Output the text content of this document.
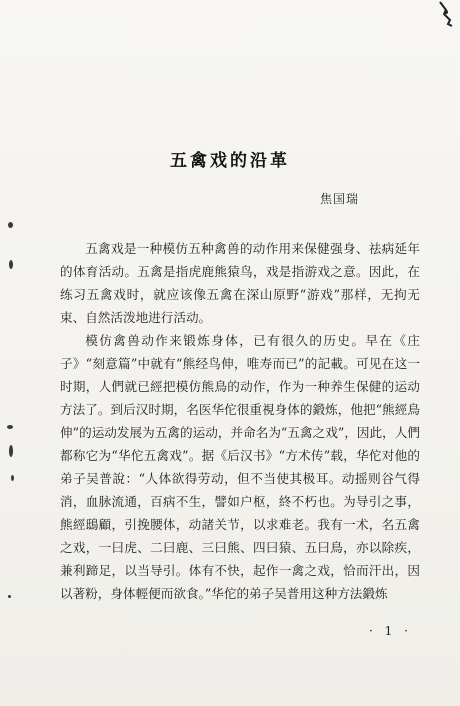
五禽戏的沿革
焦国瑞

五禽戏是一种模仿五种禽兽的动作用来保健强身、祛病延年的体育活动。五禽是指虎鹿熊猿鸟，戏是指游戏之意。因此，在练习五禽戏时，就应该像五禽在深山原野“游戏”那样，无拘无束、自然活泼地进行活动。

模仿禽兽动作来锻炼身体，已有很久的历史。早在《庄子》“刻意篇”中就有“熊经鸟伸，唯寿而已”的記載。可见在这一时期，人們就已經把模仿熊鳥的动作，作为一种养生保健的运动方法了。到后汉时期，名医华佗很重視身体的鍛炼，他把“熊經鳥伸”的运动发展为五禽的运动，并命名为“五禽之戏”，因此，人們都称它为“华佗五禽戏”。据《后汉书》“方术传”载，华佗对他的弟子吴普說：“人体欲得劳动，但不当使其极耳。动摇则谷气得消，血脉流通，百病不生，譬如户枢，終不朽也。为导引之事，熊經鴟顧，引挽腰体，动諸关节，以求难老。我有一术，名五禽之戏，一曰虎、二曰鹿、三曰熊、四曰猿、五曰鳥，亦以除疾，兼利蹄足，以当导引。体有不快，起作一禽之戏，恰而汗出，因以著粉，身体輕便而欲食。”华佗的弟子吴普用这种方法鍛炼

· 1 ·
